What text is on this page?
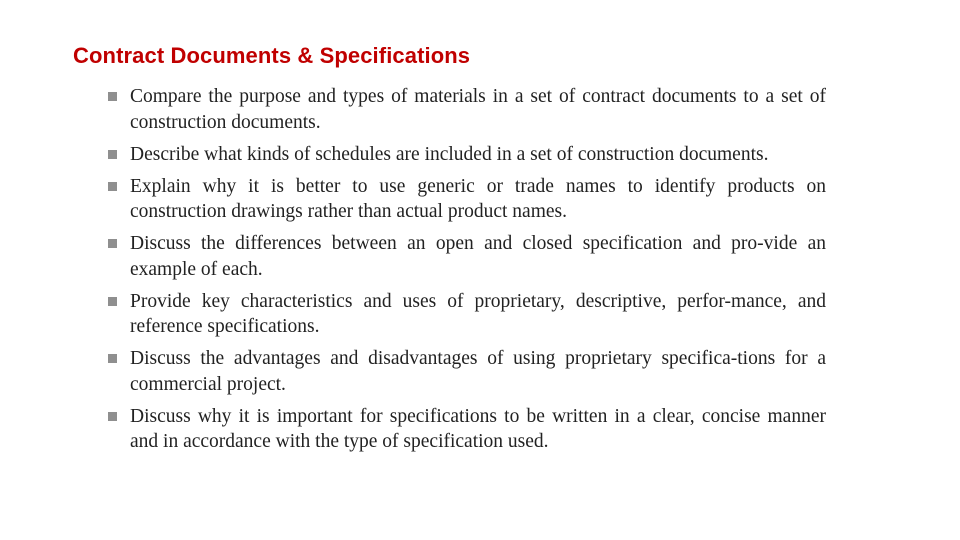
Contract Documents & Specifications
Compare the purpose and types of materials in a set of contract documents to a set of construction documents.
Describe what kinds of schedules are included in a set of construction documents.
Explain why it is better to use generic or trade names to identify products on construction drawings rather than actual product names.
Discuss the differences between an open and closed specification and pro-vide an example of each.
Provide key characteristics and uses of proprietary, descriptive, perfor-mance, and reference specifications.
Discuss the advantages and disadvantages of using proprietary specifica-tions for a commercial project.
Discuss why it is important for specifications to be written in a clear, concise manner and in accordance with the type of specification used.
